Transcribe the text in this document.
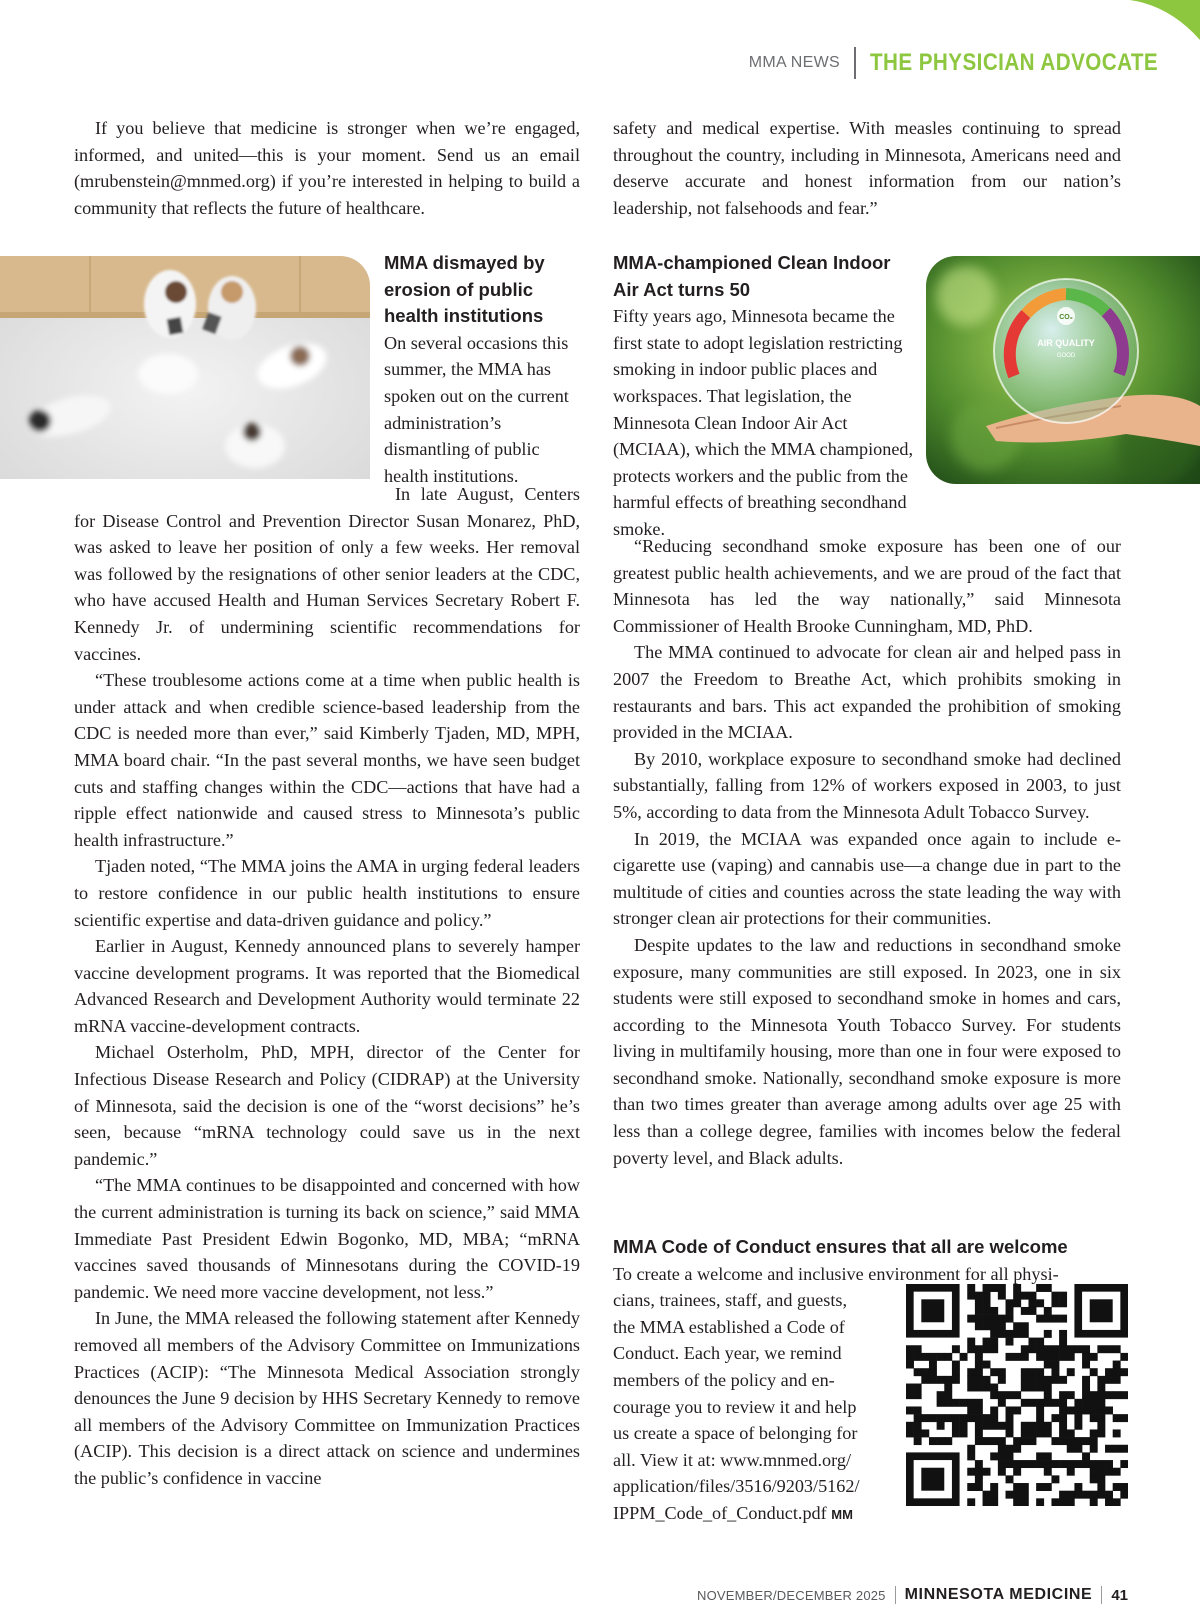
MMA NEWS THE PHYSICIAN ADVOCATE

If you believe that medicine is stronger when we’re engaged, informed, and united—this is your moment. Send us an email (mrubenstein@mnmed.org) if you’re interested in helping to build a community that reflects the future of healthcare.

MMA dismayed by erosion of public health institutions

On several occasions this summer, the MMA has spoken out on the current administration’s dismantling of public health institutions.

In late August, Centers for Disease Control and Prevention Director Susan Monarez, PhD, was asked to leave her position of only a few weeks. Her removal was followed by the resignations of other senior leaders at the CDC, who have accused Health and Human Services Secretary Robert F. Kennedy Jr. of undermining scientific recommendations for vaccines.

“These troublesome actions come at a time when public health is under attack and when credible science-based leadership from the CDC is needed more than ever,” said Kimberly Tjaden, MD, MPH, MMA board chair. “In the past several months, we have seen budget cuts and staffing changes within the CDC—actions that have had a ripple effect nationwide and caused stress to Minnesota’s public health infrastructure.”

Tjaden noted, “The MMA joins the AMA in urging federal leaders to restore confidence in our public health institutions to ensure scientific expertise and data-driven guidance and policy.”

Earlier in August, Kennedy announced plans to severely hamper vaccine development programs. It was reported that the Biomedical Advanced Research and Development Authority would terminate 22 mRNA vaccine-development contracts.

Michael Osterholm, PhD, MPH, director of the Center for Infectious Disease Research and Policy (CIDRAP) at the University of Minnesota, said the decision is one of the “worst decisions” he’s seen, because “mRNA technology could save us in the next pandemic.”

“The MMA continues to be disappointed and concerned with how the current administration is turning its back on science,” said MMA Immediate Past President Edwin Bogonko, MD, MBA; “mRNA vaccines saved thousands of Minnesotans during the COVID-19 pandemic. We need more vaccine development, not less.”

In June, the MMA released the following statement after Kennedy removed all members of the Advisory Committee on Immunizations Practices (ACIP): “The Minnesota Medical Association strongly denounces the June 9 decision by HHS Secretary Kennedy to remove all members of the Advisory Committee on Immunization Practices (ACIP). This decision is a direct attack on science and undermines the public’s confidence in vaccine

safety and medical expertise. With measles continuing to spread throughout the country, including in Minnesota, Americans need and deserve accurate and honest information from our nation’s leadership, not falsehoods and fear.”

MMA-championed Clean Indoor Air Act turns 50

Fifty years ago, Minnesota became the first state to adopt legislation restricting smoking in indoor public places and workspaces. That legislation, the Minnesota Clean Indoor Air Act (MCIAA), which the MMA championed, protects workers and the public from the harmful effects of breathing secondhand smoke.

CO₂
AIR QUALITY
GOOD

“Reducing secondhand smoke exposure has been one of our greatest public health achievements, and we are proud of the fact that Minnesota has led the way nationally,” said Minnesota Commissioner of Health Brooke Cunningham, MD, PhD.

The MMA continued to advocate for clean air and helped pass in 2007 the Freedom to Breathe Act, which prohibits smoking in restaurants and bars. This act expanded the prohibition of smoking provided in the MCIAA.

By 2010, workplace exposure to secondhand smoke had declined substantially, falling from 12% of workers exposed in 2003, to just 5%, according to data from the Minnesota Adult Tobacco Survey.

In 2019, the MCIAA was expanded once again to include e-cigarette use (vaping) and cannabis use—a change due in part to the multitude of cities and counties across the state leading the way with stronger clean air protections for their communities.

Despite updates to the law and reductions in secondhand smoke exposure, many communities are still exposed. In 2023, one in six students were still exposed to secondhand smoke in homes and cars, according to the Minnesota Youth Tobacco Survey. For students living in multifamily housing, more than one in four were exposed to secondhand smoke. Nationally, secondhand smoke exposure is more than two times greater than average among adults over age 25 with less than a college degree, families with incomes below the federal poverty level, and Black adults.

MMA Code of Conduct ensures that all are welcome
To create a welcome and inclusive environment for all physi-
cians, trainees, staff, and guests,
the MMA established a Code of
Conduct. Each year, we remind
members of the policy and en-
courage you to review it and help
us create a space of belonging for
all. View it at: www.mnmed.org/
application/files/3516/9203/5162/
IPPM_Code_of_Conduct.pdf MM
NOVEMBER/DECEMBER 2025 MINNESOTA MEDICINE 41
